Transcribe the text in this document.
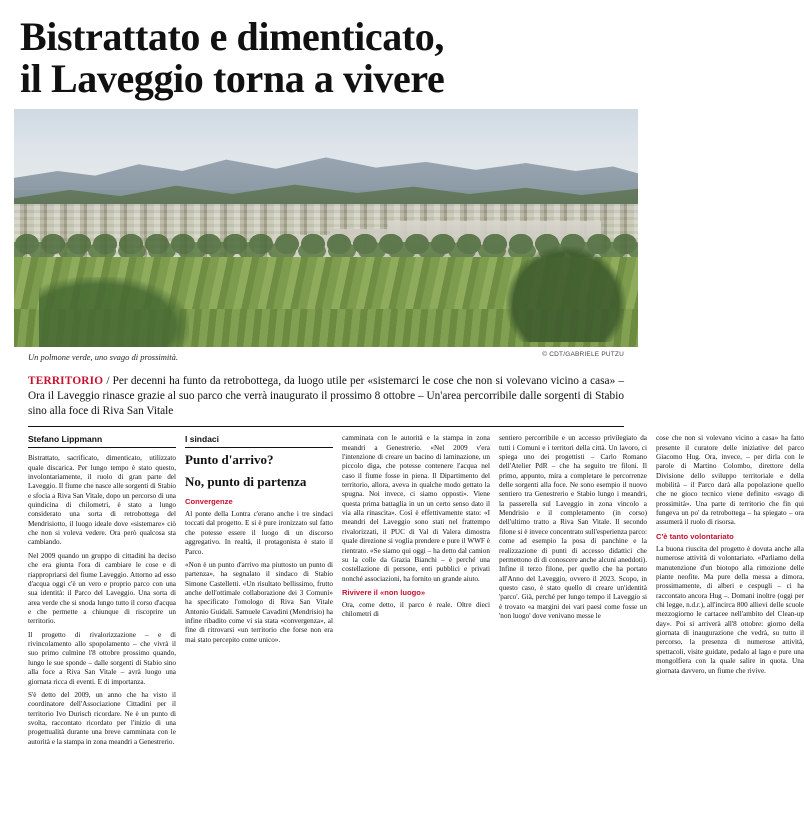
Bistrattato e dimenticato,
il Laveggio torna a vivere
© CDT/GABRIELE PUTZU
Un polmone verde, uno svago di prossimità.

TERRITORIO / Per decenni ha funto da retrobottega, da luogo utile per «sistemarci le cose che non si volevano vicino a casa» – Ora il Laveggio rinasce grazie al suo parco che verrà inaugurato il prossimo 8 ottobre – Un'area percorribile dalle sorgenti di Stabio sino alla foce di Riva San Vitale

Stefano Lippmann

Bistrattato, sacrificato, dimenticato, utilizzato quale discarica. Per lungo tempo è stato questo, involontariamente, il ruolo di gran parte del Laveggio. Il fiume che nasce alle sorgenti di Stabio e sfocia a Riva San Vitale, dopo un percorso di una quindicina di chilometri, è stato a lungo considerato una sorta di retrobottega del Mendrisiotto, il luogo ideale dove «sistemare» ciò che non si voleva vedere. Ora però qualcosa sta cambiando.

Nel 2009 quando un gruppo di cittadini ha deciso che era giunta l'ora di cambiare le cose e di riappropriarsi del fiume Laveggio. Attorno ad esso d'acqua oggi c'è un vero e proprio parco con una sua identità: il Parco del Laveggio. Una sorta di area verde che si snoda lungo tutto il corso d'acqua e che permette a chiunque di riscoprire un territorio.

Il progetto di rivalorizzazione – e di rivincolamento allo spopolamento – che vivrà il suo primo culmine l'8 ottobre prossimo quando, lungo le sue sponde – dalle sorgenti di Stabio sino alla foce a Riva San Vitale – avrà luogo una giornata ricca di eventi. E di importanza.

S'è detto del 2009, un anno che ha visto il coordinatore dell'Associazione Cittadini per il territorio Ivo Durisch ricordare. Ne è un punto di svolta, raccontato ricordato per l'inizio di una progettualità durante una breve camminata con le autorità e la stampa in zona meandri a Genestrerio.

I sindaci
Punto d'arrivo?
No, punto di partenza
Convergenze

Al ponte della Lontra c'erano anche i tre sindaci toccati dal progetto. E si è pure ironizzato sul fatto che potesse essere il luogo di un discorso aggregativo. In realtà, il protagonista è stato il Parco.

«Non è un punto d'arrivo ma piuttosto un punto di partenza», ha segnalato il sindaco di Stabio Simone Castelletti. «Un risultato bellissimo, frutto anche dell'ottimale collaborazione dei 3 Comuni» ha specificato l'omologo di Riva San Vitale Antonio Guidali. Samuele Cavadini (Mendrisio) ha infine ribadito come vi sia stata «convergenza», al fine di ritrovarsi «un territorio che forse non era mai stato percepito come unico».

camminata con le autorità e la stampa in zona meandri a Genestrerio. «Nel 2009 v'era l'intenzione di creare un bacino di laminazione, un piccolo diga, che potesse contenere l'acqua nel caso il fiume fosse in piena. Il Dipartimento del territorio, allora, aveva in qualche modo gettato la spugna. Noi invece, ci siamo opposti». Viene questa prima battaglia in un un certo senso dato il via alla rinascita». Così è effettivamente stato: «I meandri del Laveggio sono stati nel frattempo rivalorizzati, il PUC di Val di Valera dimostra quale direzione si voglia prendere e pure il WWF è rientrato. «Se siamo qui oggi – ha detto dal camion su la colle da Grazia Bianchi – è perché una costellazione di persone, enti pubblici e privati nonché associazioni, ha fornito un grande aiuto.

Rivivere il «non luogo»

Ora, come detto, il parco è reale. Oltre dieci chilometri di

sentiero percorribile e un accesso privilegiato da tutti i Comuni e i territori della città. Un lavoro, ci spiega uno dei progettisti – Carlo Romano dell'Atelier PdR – che ha seguito tre filoni. Il primo, appunto, mira a completare le percorrenze delle sorgenti alla foce. Ne sono esempio il nuovo sentiero tra Genestrerio e Stabio lungo i meandri, la passerella sul Laveggio in zona vincolo a Mendrisio e il completamento (in corso) dell'ultimo tratto a Riva San Vitale. Il secondo filone si è invece concentrato sull'esperienza parco: come ad esempio la posa di panchine e la realizzazione di punti di accesso didattici che permettono di di conoscere anche alcuni aneddoti). Infine il terzo filone, per quello che ha portato all'Anno del Laveggio, ovvero il 2023. Scopo, in questo caso, è stato quello di creare un'identità 'parco'. Già, perché per lungo tempo il Laveggio si è trovato «a margini dei vari paesi come fosse un 'non luogo' dove venivano messe le

cose che non si volevano vicino a casa» ha fatto presente il curatore delle iniziative del parco Giacomo Hug. Ora, invece, – per dirla con le parole di Martino Colombo, direttore della Divisione dello sviluppo territoriale e della mobilità – il Parco darà alla popolazione quello che ne gioco tecnico viene definito «svago di prossimità». Una parte di territorio che fin qui fungeva un po' da retrobottega – ha spiegato – ora assumerà il ruolo di risorsa.

C'è tanto volontariato

La buona riuscita del progetto è dovuta anche alla numerose attività di volontariato. «Parliamo della manutenzione d'un biotopo alla rimozione delle piante neofite. Ma pure della messa a dimora, prossimamente, di alberi e cespugli – ci ha raccontato ancora Hug –. Domani inoltre (oggi per chi legge, n.d.r.), all'incirca 800 allievi delle scuole mezzogiorno le cartacee nell'ambito del Clean-up day». Poi si arriverà all'8 ottobre: giorno della giornata di inaugurazione che vedrà, su tutto il percorso, la presenza di numerose attività, spettacoli, visite guidate, pedalo al lago e pure una mongolfiera con la quale salire in quota. Una giornata davvero, un fiume che rivive.
